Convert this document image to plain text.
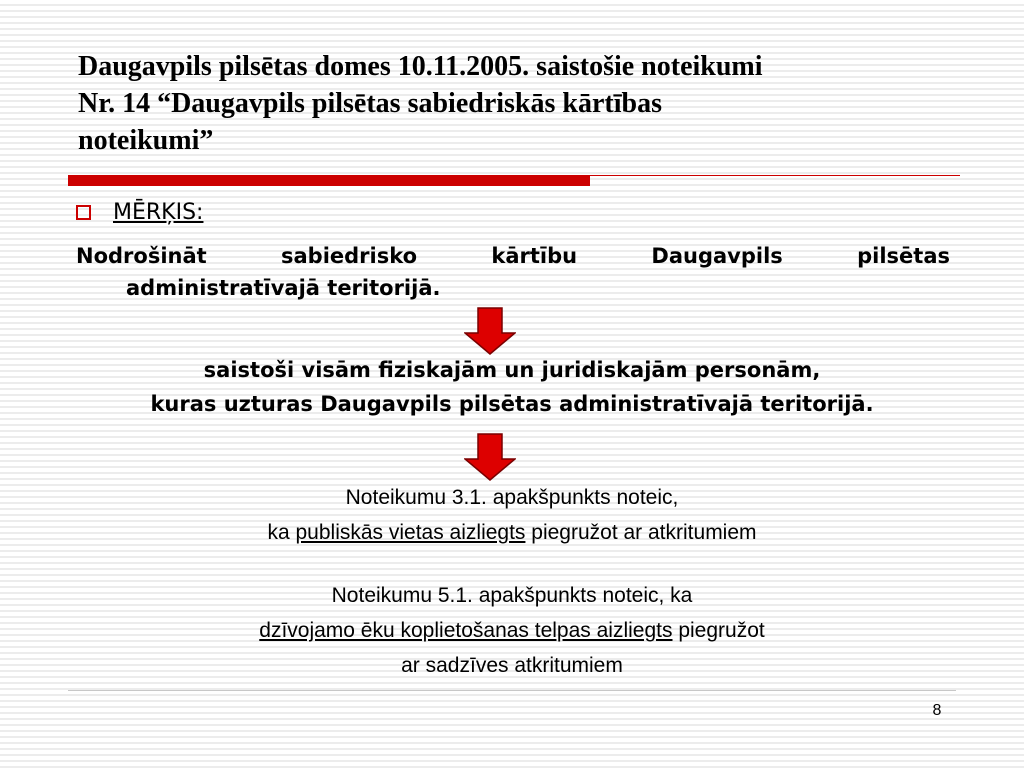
Daugavpils pilsētas domes 10.11.2005. saistošie noteikumi
Nr. 14 “Daugavpils pilsētas sabiedriskās kārtības
noteikumi”
MĒRĶIS:
Nodrošināt sabiedrisko kārtību Daugavpils pilsētas
administratīvajā teritorijā.
saistoši visām fiziskajām un juridiskajām personām,
kuras uzturas Daugavpils pilsētas administratīvajā teritorijā.
Noteikumu 3.1. apakšpunkts noteic,
ka publiskās vietas aizliegts piegružot ar atkritumiem
Noteikumu 5.1. apakšpunkts noteic, ka
dzīvojamo ēku koplietošanas telpas aizliegts piegružot
ar sadzīves atkritumiem
8
